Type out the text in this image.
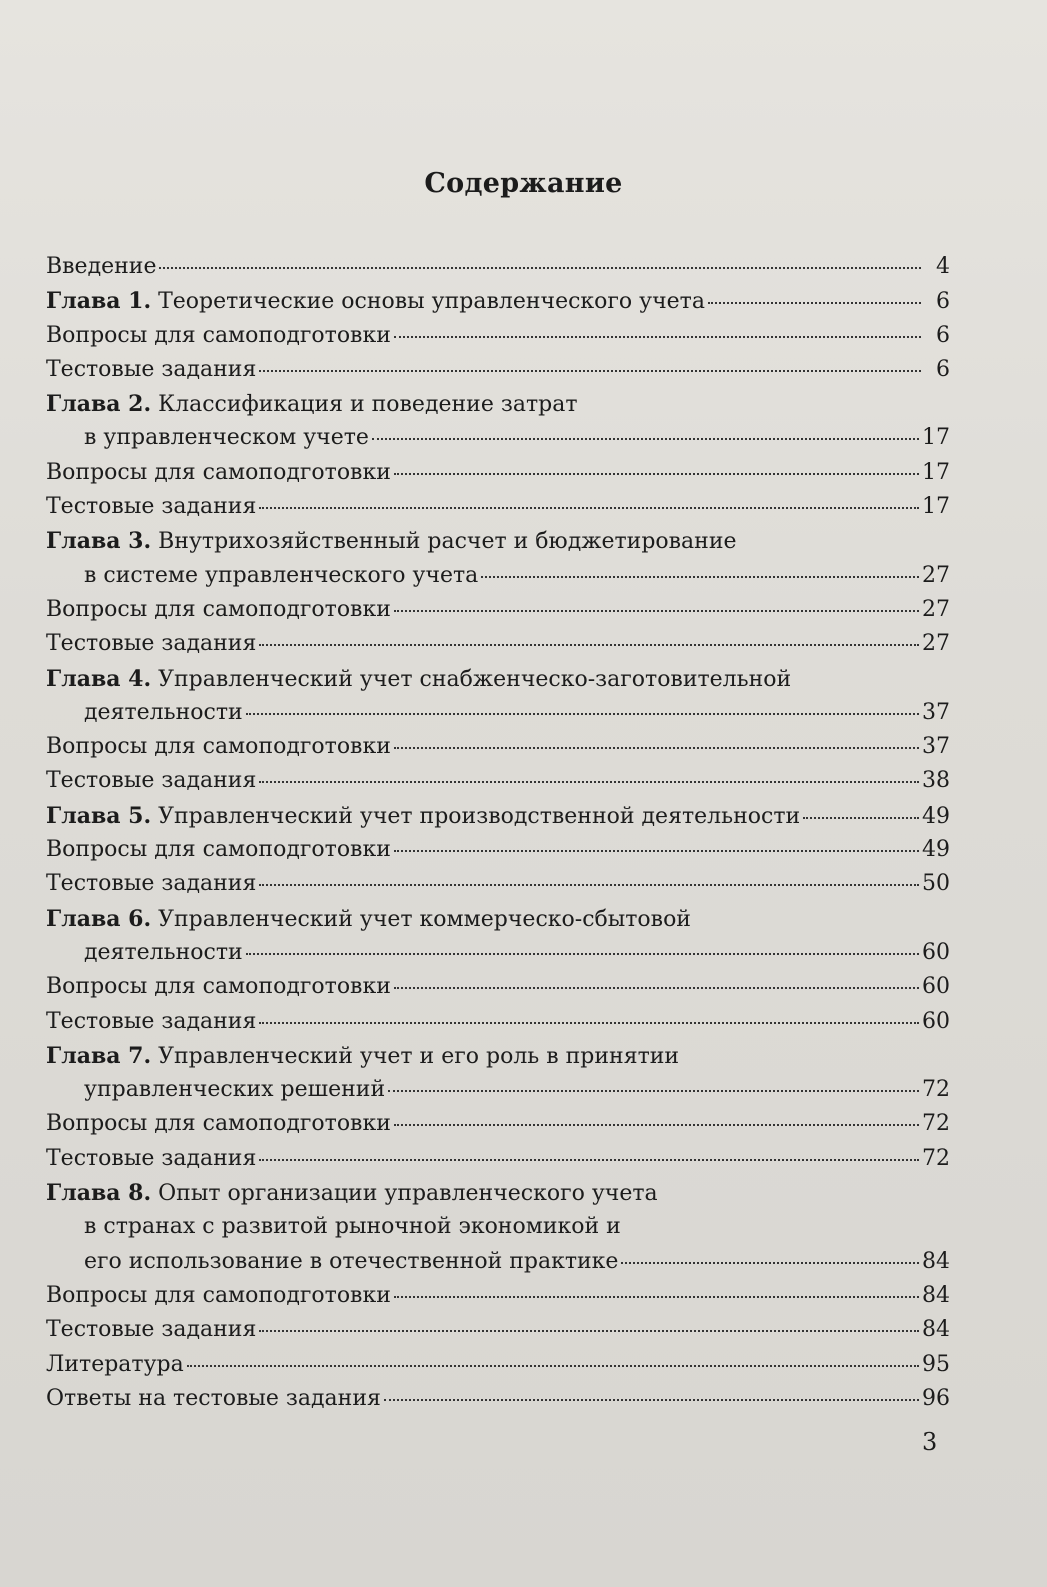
Содержание
Введение	4
Глава 1. Теоретические основы управленческого учета	6
Вопросы для самоподготовки	6
Тестовые задания	6
Глава 2. Классификация и поведение затрат
в управленческом учете	17
Вопросы для самоподготовки	17
Тестовые задания	17
Глава 3. Внутрихозяйственный расчет и бюджетирование
в системе управленческого учета	27
Вопросы для самоподготовки	27
Тестовые задания	27
Глава 4. Управленческий учет снабженческо-заготовительной
деятельности	37
Вопросы для самоподготовки	37
Тестовые задания	38
Глава 5. Управленческий учет производственной деятельности	49
Вопросы для самоподготовки	49
Тестовые задания	50
Глава 6. Управленческий учет коммерческо-сбытовой
деятельности	60
Вопросы для самоподготовки	60
Тестовые задания	60
Глава 7. Управленческий учет и его роль в принятии
управленческих решений	72
Вопросы для самоподготовки	72
Тестовые задания	72
Глава 8. Опыт организации управленческого учета
в странах с развитой рыночной экономикой и
его использование в отечественной практике	84
Вопросы для самоподготовки	84
Тестовые задания	84
Литература	95
Ответы на тестовые задания	96
3
